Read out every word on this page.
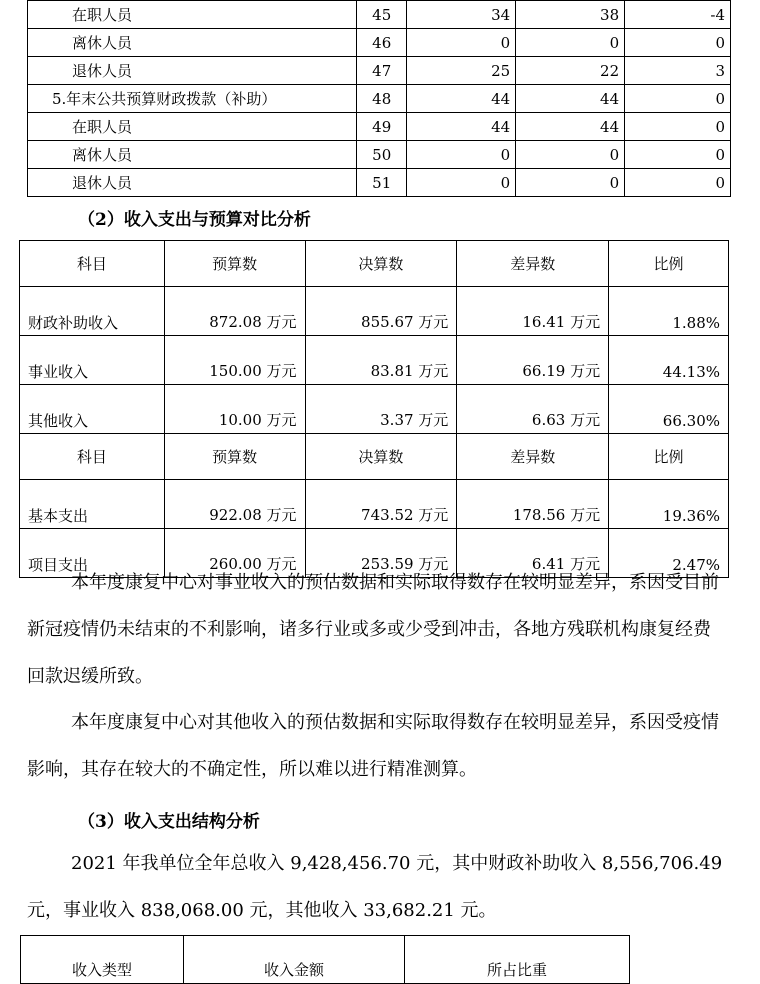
在职人员	45	34	38	-4
离休人员	46	0	0	0
退休人员	47	25	22	3
5.年末公共预算财政拨款（补助）	48	44	44	0
在职人员	49	44	44	0
离休人员	50	0	0	0
退休人员	51	0	0	0
（2）收入支出与预算对比分析
科目	预算数	决算数	差异数	比例
财政补助收入	872.08 万元	855.67 万元	16.41 万元	1.88%
事业收入	150.00 万元	83.81 万元	66.19 万元	44.13%
其他收入	10.00 万元	3.37 万元	6.63 万元	66.30%
科目	预算数	决算数	差异数	比例
基本支出	922.08 万元	743.52 万元	178.56 万元	19.36%
项目支出	260.00 万元	253.59 万元	6.41 万元	2.47%

本年度康复中心对事业收入的预估数据和实际取得数存在较明显差异，系因受目前新冠疫情仍未结束的不利影响，诸多行业或多或少受到冲击，各地方残联机构康复经费回款迟缓所致。

本年度康复中心对其他收入的预估数据和实际取得数存在较明显差异，系因受疫情影响，其存在较大的不确定性，所以难以进行精准测算。

（3）收入支出结构分析

2021 年我单位全年总收入 9,428,456.70 元，其中财政补助收入 8,556,706.49 元，事业收入 838,068.00 元，其他收入 33,682.21 元。

收入类型	收入金额	所占比重
